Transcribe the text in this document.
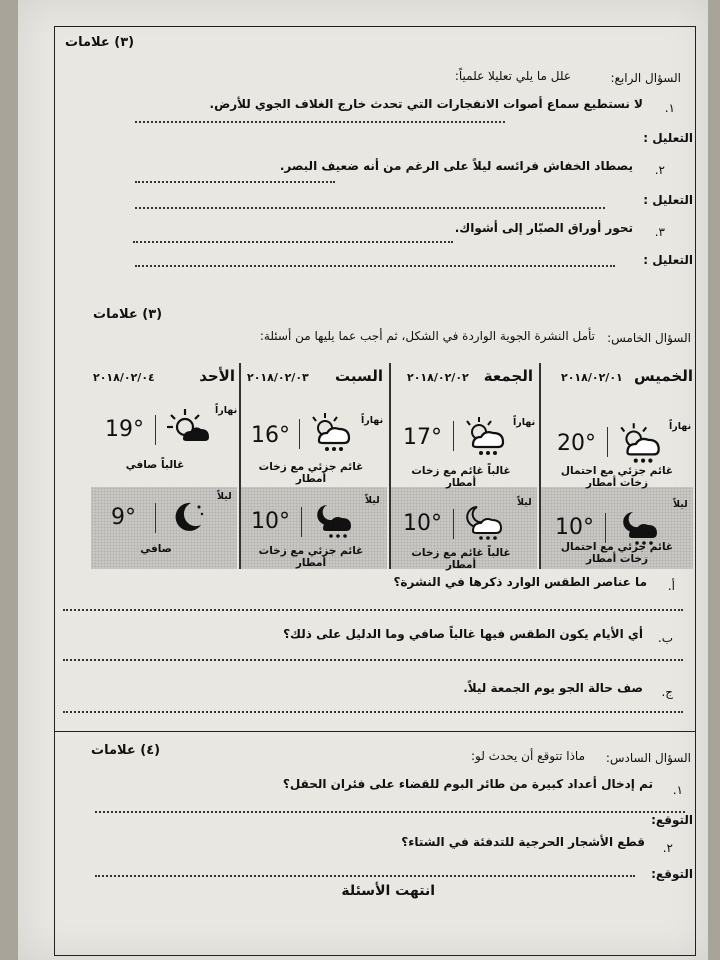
(٣) علامات
السؤال الرابع:
علل ما يلي تعليلا علمياً:
١.
لا نستطيع سماع أصوات الانفجارات التي تحدث خارج الغلاف الجوي للأرض.
التعليل :
٢.
يصطاد الخفاش فرائسه ليلاً على الرغم من أنه ضعيف البصر.
التعليل :
٣.
تحور أوراق الصبّار إلى أشواك.
التعليل :
(٣) علامات
السؤال الخامس:
تأمل النشرة الجوية الواردة في الشكل، ثم أجب عما يليها من أسئلة:
الأحد
٢٠١٨/٠٢/٠٤
19°
نهاراً
غالباً صافي
9°
ليلاً
صافي
السبت
٢٠١٨/٠٢/٠٣
16°
نهاراً
غائم جزئي مع زخات أمطار
10°
ليلاً
غائم جزئي مع زخات أمطار
الجمعة
٢٠١٨/٠٢/٠٢
17°
نهاراً
غالباً غائم مع زخات أمطار
10°
ليلاً
غالباً غائم مع زخات أمطار
الخميس
٢٠١٨/٠٢/٠١
20°
نهاراً
غائم جزئي مع احتمال زخات أمطار
10°
ليلاً
غائم جزئي مع احتمال زخات أمطار
أ.
ما عناصر الطقس الوارد ذكرها في النشرة؟
ب.
أي الأيام يكون الطقس فيها غالباً صافي وما الدليل على ذلك؟
ج.
صف حالة الجو يوم الجمعة ليلاً.
(٤) علامات	السؤال السادس:
ماذا تتوقع أن يحدث لو:
١.
تم إدخال أعداد كبيرة من طائر البوم للقضاء على فئران الحقل؟
التوقع:
٢.
قطع الأشجار الحرجية للتدفئة في الشتاء؟
التوقع:
انتهت الأسئلة
